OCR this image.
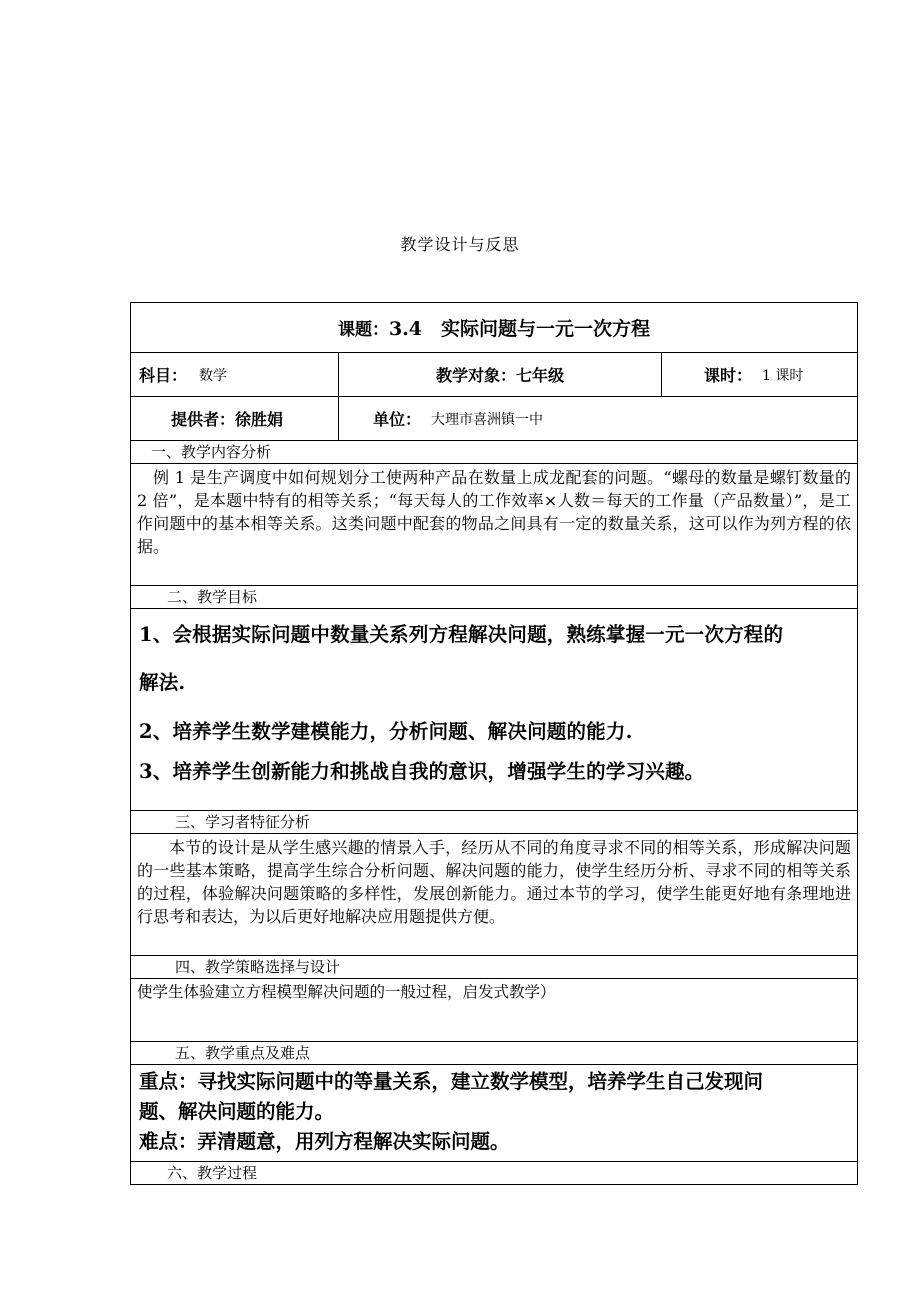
教学设计与反思
课题：3.4　实际问题与一元一次方程
科目： 数学	教学对象：七年级	课时： 1 课时
提供者：徐胜娟	单位： 大理市喜洲镇一中
一、教学内容分析
例 1 是生产调度中如何规划分工使两种产品在数量上成龙配套的问题。“螺母的数量是螺钉数量的 2 倍”，是本题中特有的相等关系；“每天每人的工作效率×人数＝每天的工作量（产品数量）”，是工作问题中的基本相等关系。这类问题中配套的物品之间具有一定的数量关系，这可以作为列方程的依据。
二、教学目标
1、会根据实际问题中数量关系列方程解决问题，熟练掌握一元一次方程的
解法.
2、培养学生数学建模能力，分析问题、解决问题的能力.
3、培养学生创新能力和挑战自我的意识，增强学生的学习兴趣。
三、学习者特征分析
本节的设计是从学生感兴趣的情景入手，经历从不同的角度寻求不同的相等关系，形成解决问题的一些基本策略，提高学生综合分析问题、解决问题的能力，使学生经历分析、寻求不同的相等关系的过程，体验解决问题策略的多样性，发展创新能力。通过本节的学习，使学生能更好地有条理地进行思考和表达，为以后更好地解决应用题提供方便。
四、教学策略选择与设计
使学生体验建立方程模型解决问题的一般过程，启发式教学）
五、教学重点及难点
重点：寻找实际问题中的等量关系，建立数学模型，培养学生自己发现问
题、解决问题的能力。
难点：弄清题意，用列方程解决实际问题。
六、教学过程
